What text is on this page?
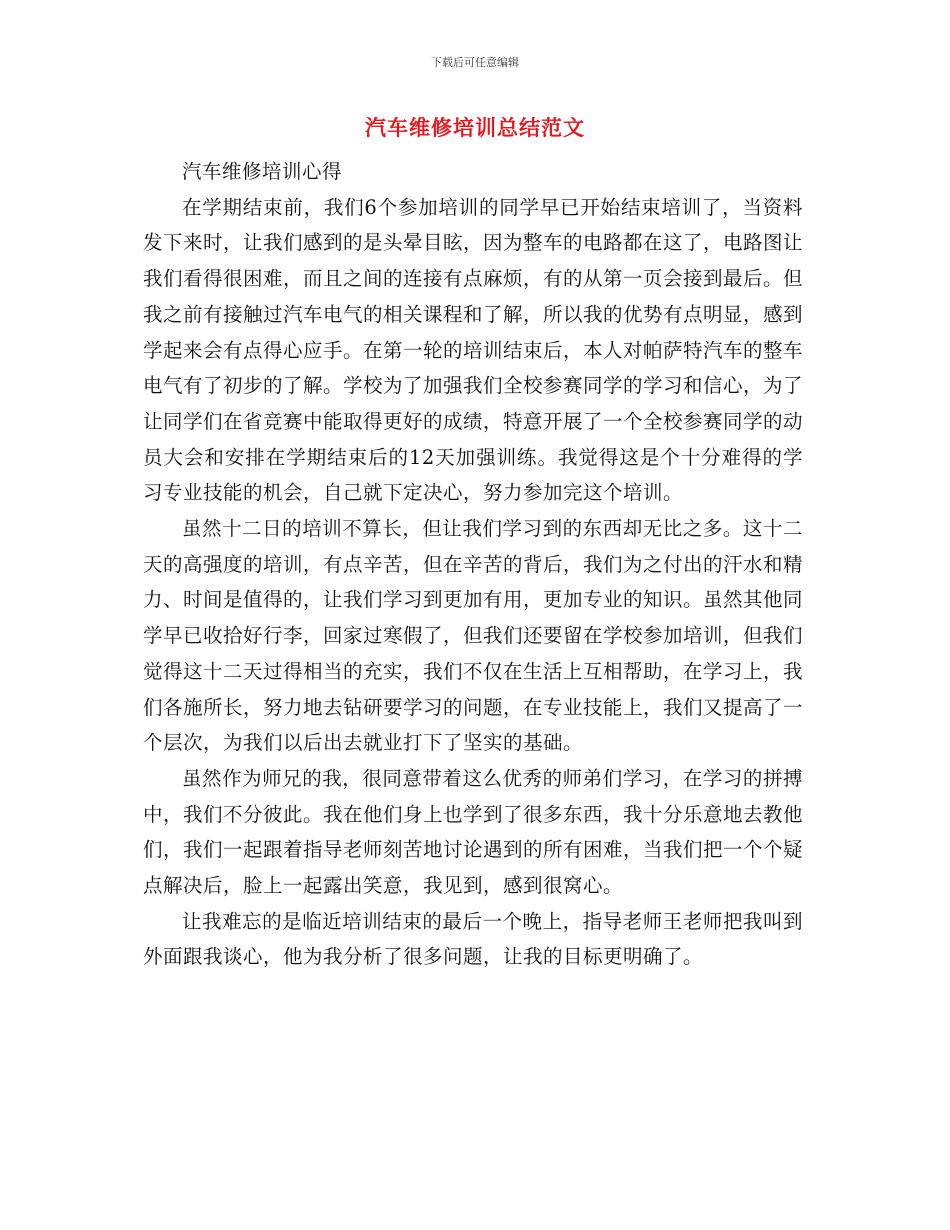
下载后可任意编辑
汽车维修培训总结范文

汽车维修培训心得

在学期结束前，我们6个参加培训的同学早已开始结束培训了，当资料发下来时，让我们感到的是头晕目眩，因为整车的电路都在这了，电路图让我们看得很困难，而且之间的连接有点麻烦，有的从第一页会接到最后。但我之前有接触过汽车电气的相关课程和了解，所以我的优势有点明显，感到学起来会有点得心应手。在第一轮的培训结束后，本人对帕萨特汽车的整车电气有了初步的了解。学校为了加强我们全校参赛同学的学习和信心，为了让同学们在省竞赛中能取得更好的成绩，特意开展了一个全校参赛同学的动员大会和安排在学期结束后的12天加强训练。我觉得这是个十分难得的学习专业技能的机会，自己就下定决心，努力参加完这个培训。

虽然十二日的培训不算长，但让我们学习到的东西却无比之多。这十二天的高强度的培训，有点辛苦，但在辛苦的背后，我们为之付出的汗水和精力、时间是值得的，让我们学习到更加有用，更加专业的知识。虽然其他同学早已收拾好行李，回家过寒假了，但我们还要留在学校参加培训，但我们觉得这十二天过得相当的充实，我们不仅在生活上互相帮助，在学习上，我们各施所长，努力地去钻研要学习的问题，在专业技能上，我们又提高了一个层次，为我们以后出去就业打下了坚实的基础。

虽然作为师兄的我，很同意带着这么优秀的师弟们学习，在学习的拼搏中，我们不分彼此。我在他们身上也学到了很多东西，我十分乐意地去教他们，我们一起跟着指导老师刻苦地讨论遇到的所有困难，当我们把一个个疑点解决后，脸上一起露出笑意，我见到，感到很窝心。

让我难忘的是临近培训结束的最后一个晚上，指导老师王老师把我叫到外面跟我谈心，他为我分析了很多问题，让我的目标更明确了。
